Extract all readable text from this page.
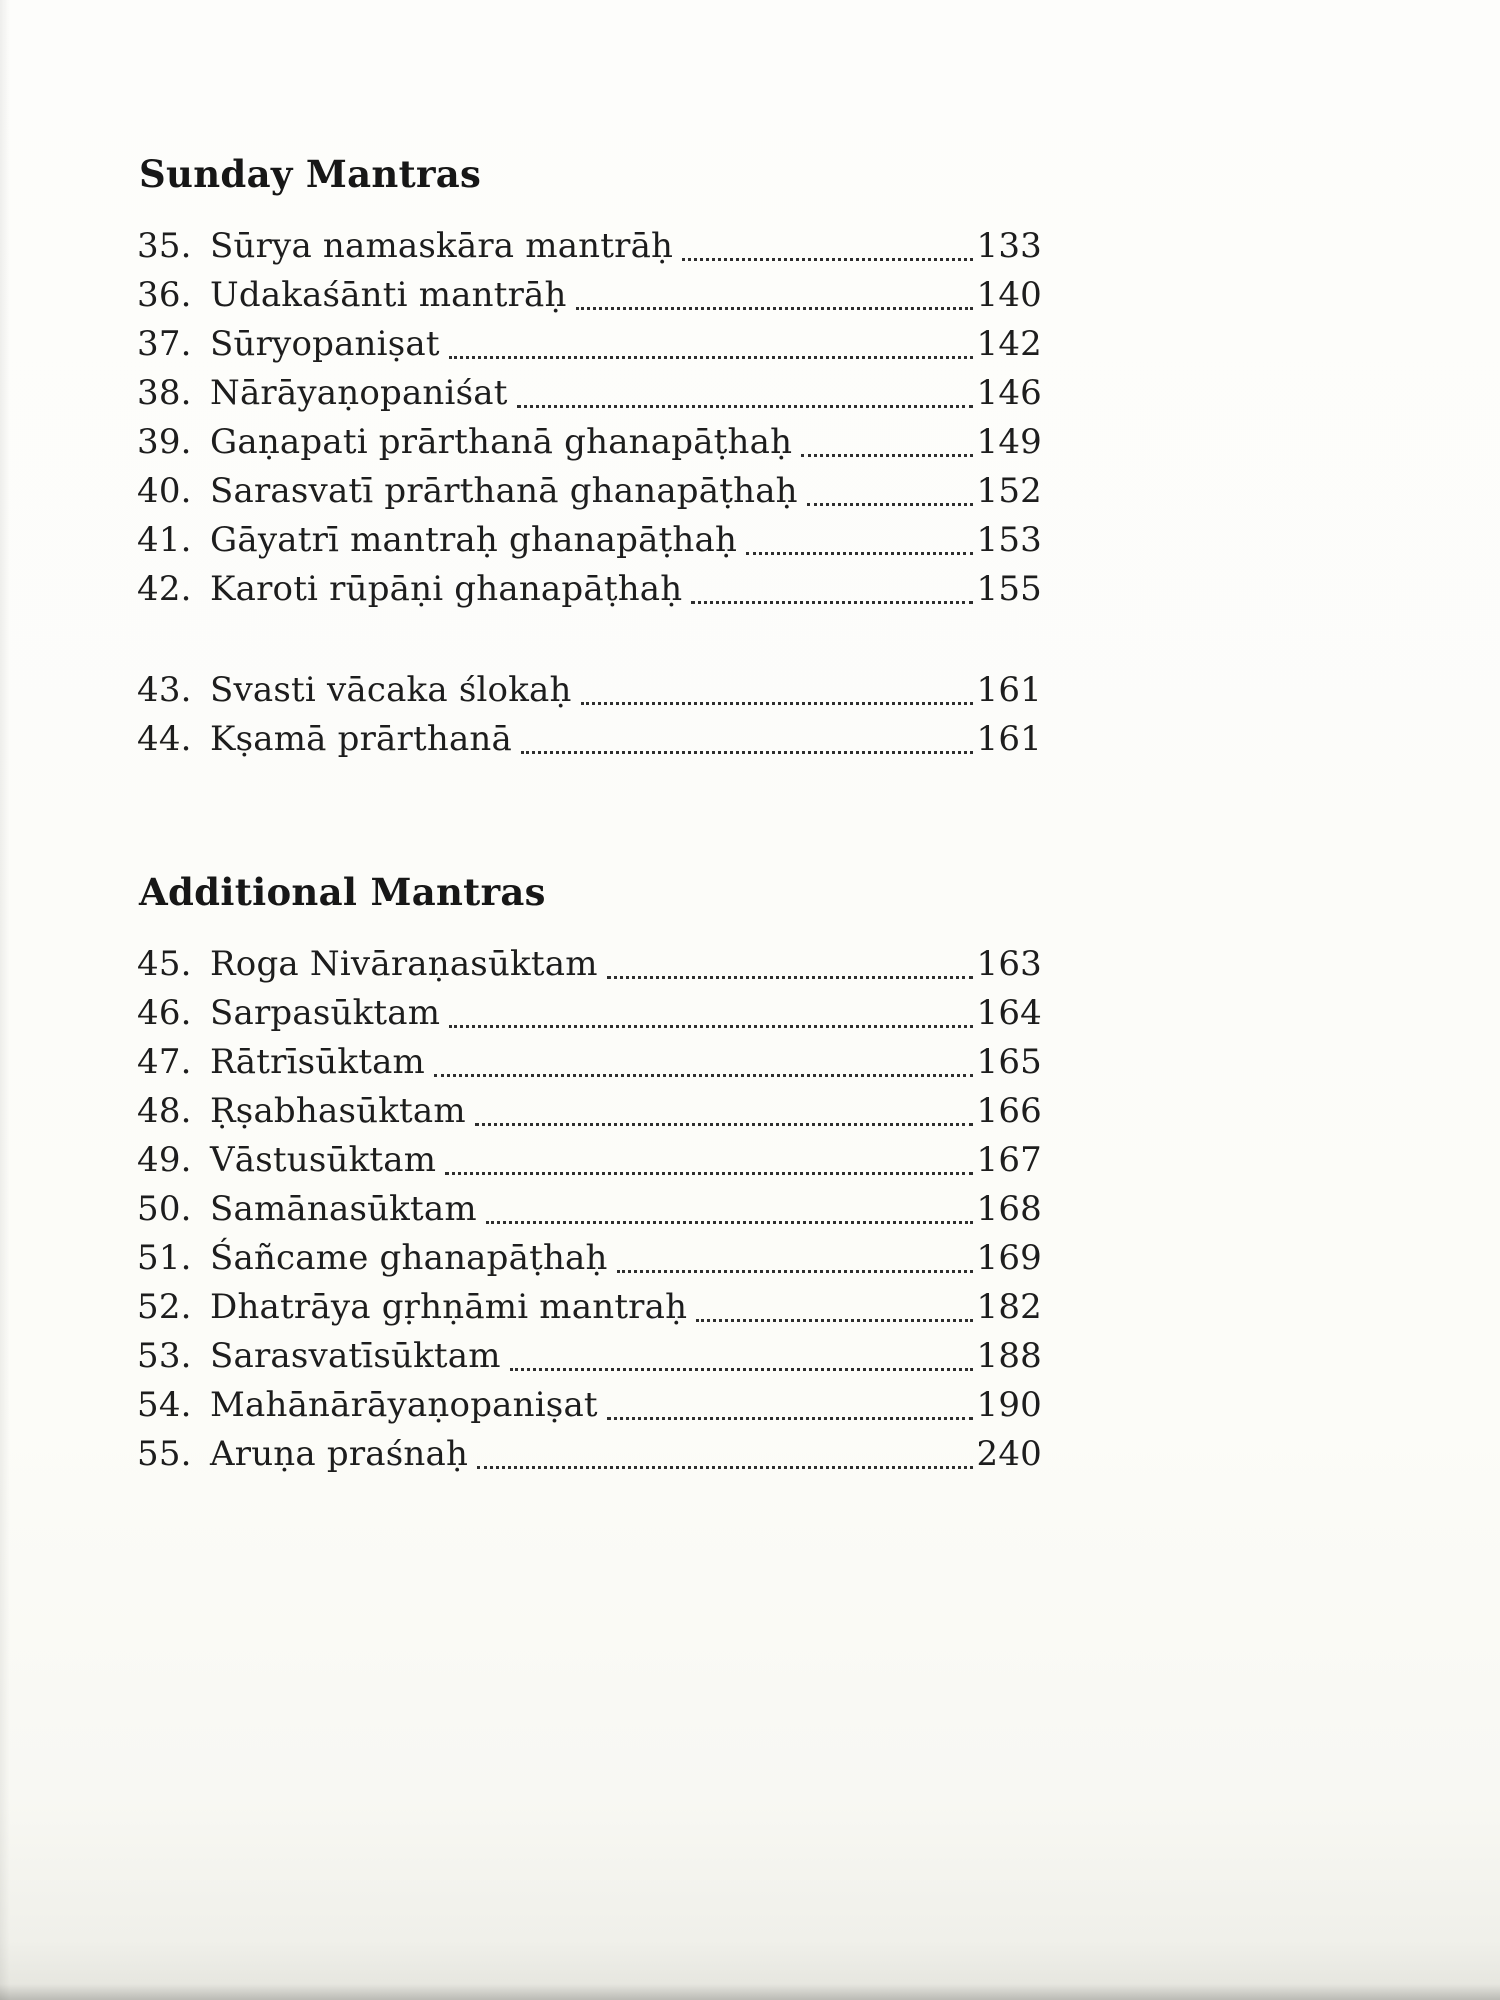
Sunday Mantras
35. Sūrya namaskāra mantrāḥ	133
36. Udakaśānti mantrāḥ	140
37. Sūryopaniṣat	142
38. Nārāyaṇopaniśat	146
39. Gaṇapati prārthanā ghanapāṭhaḥ	149
40. Sarasvatī prārthanā ghanapāṭhaḥ	152
41. Gāyatrī mantraḥ ghanapāṭhaḥ	153
42. Karoti rūpāṇi ghanapāṭhaḥ	155
43. Svasti vācaka ślokaḥ	161
44. Kṣamā prārthanā	161
Additional Mantras
45. Roga Nivāraṇasūktam	163
46. Sarpasūktam	164
47. Rātrīsūktam	165
48. Ṛṣabhasūktam	166
49. Vāstusūktam	167
50. Samānasūktam	168
51. Śañcame ghanapāṭhaḥ	169
52. Dhatrāya gṛhṇāmi mantraḥ	182
53. Sarasvatīsūktam	188
54. Mahānārāyaṇopaniṣat	190
55. Aruṇa praśnaḥ	240
